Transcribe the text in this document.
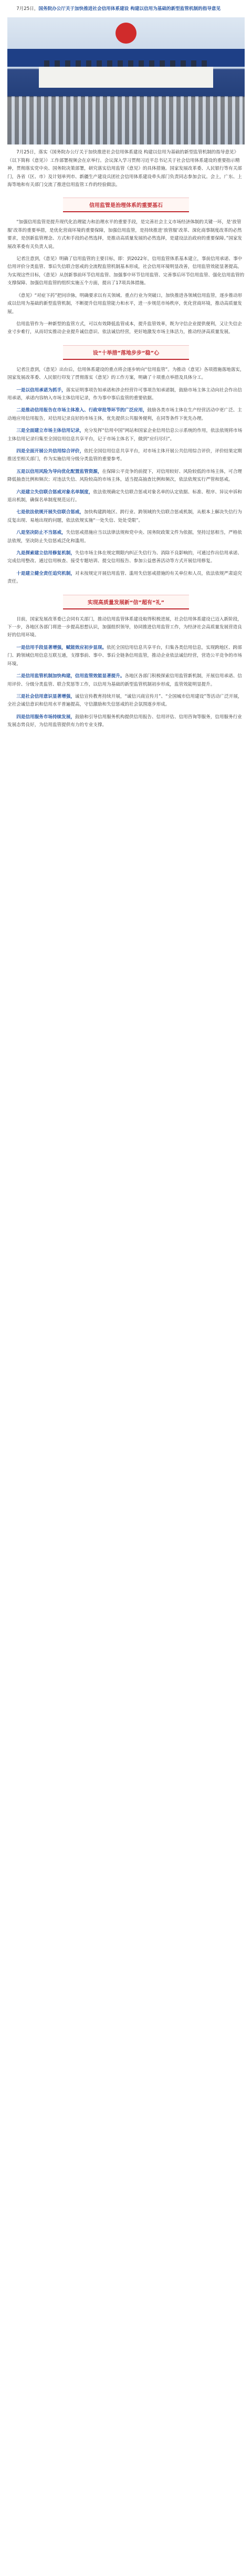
7月25日，国务院办公厅关于加快推进社会信用体系建设 构建以信用为基础的新型监管机制的指导意见

7月25日，落实《国务院办公厅关于加快推进社会信用体系建设 构建以信用为基础的新型监管机制的指导意见》（以下简称《意见》）工作部署视频会在京举行。会议深入学习贯彻习近平总书记关于社会信用体系建设的重要指示精神，贯彻落实党中央、国务院决策部署，研究落实信用监管《意见》的具体措施。国家发展改革委、人民银行等有关部门，各省（区、市）及计划单列市、新疆生产建设兵团社会信用体系建设牵头部门负责同志参加会议。会上，广东、上海等地和有关部门交流了推进信用监管工作的经验做法。

信用监管是治理体系的重要基石

“加强信用监管是提升现代化治理能力和治理水平的重要手段，是完善社会主义市场经济体制的关键一环，是‘放管服’改革的重要举措，是优化营商环境的重要保障，加强信用监管，是持续推进‘放管服’改革、深化商事制度改革的必然要求，是创新监管理念、方式和手段的必然选择，是推动高质量发展的必然选择，是建设法治政府的重要保障。”国家发展改革委有关负责人说。

记者注意到，《意见》明确了信用监管的主要目标，即：到2022年，信用监管体系基本建立，事前信用承诺、事中信用评价分类监管、事后失信联合惩戒的全流程监管机制基本形成，社会信用环境明显改善，信用监管效能显著提高。为实现这些目标，《意见》从创新事前环节信用监管、加强事中环节信用监管、完善事后环节信用监管、强化信用监管的支撑保障、加强信用监管的组织实施五个方面，提出了17项具体措施。

《意见》“对症下药”把问诊脉，明确要求以有关领域、重点行业为突破口，加快推进各领域信用监管，逐步推动形成以信用为基础的新型监管机制，不断提升信用监管能力和水平，进一步规范市场秩序，优化营商环境，推动高质量发展。

信用监管作为一种新型的监管方式，可以有效降低监管成本，提升监管效率，既为守信企业提供便利，又让失信企业寸步难行，从而切实推动企业提升诚信意识、依法诚信经营，更好地激发市场主体活力，推动经济高质量发展。

设“十举措”落地步步“稳”心

记者注意到，《意见》出台后，信用体系建设的重点将会逐步转向“信用监管”。为推动《意见》各项措施落地落实，国家发展改革委、人民银行印发了贯彻落实《意见》的工作方案，明确了十项重点举措及具体分工。

一是以信用承诺为抓手，落实证明事项告知承诺和涉企经营许可事项告知承诺制，鼓励市场主体主动向社会作出信用承诺，承诺内容纳入市场主体信用记录，作为事中事后监管的重要依据。

二是推动信用报告在市场主体准入、行政审批等环节的广泛应用，鼓励各类市场主体在生产经营活动中更广泛、主动地应用信用报告，对信用记录良好的市场主体，优先提供公共服务便利，在同等条件下优先办理。

三是全面建立市场主体信用记录，充分发挥“信用中国”网站和国家企业信用信息公示系统的作用，依法依规将市场主体信用记录归集至全国信用信息共享平台，记于市场主体名下，做到“应归尽归”。

四是全面开展公共信用综合评价，依托全国信用信息共享平台，对市场主体开展公共信用综合评价，评价结果定期推送至相关部门，作为实施信用分级分类监管的重要参考。

五是以信用风险为导向优化配置监管资源，在保障公平竞争的前提下，对信用较好、风险较低的市场主体，可合理降低抽查比例和频次；对违法失信、风险较高的市场主体，适当提高抽查比例和频次，依法依规实行严管和惩戒。

六是建立失信联合惩戒对象名单制度，依法依规确定失信联合惩戒对象名单的认定依据、标准、程序、异议申诉和退出机制，确保名单制度规范运行。

七是依法依规开展失信联合惩戒，加快构建跨地区、跨行业、跨领域的失信联合惩戒机制，从根本上解决失信行为反复出现、易地出现的问题，依法依规实施“一处失信、处处受限”。

八是坚决防止不当惩戒，失信惩戒措施应当以法律法规和党中央、国务院政策文件为依据，坚持过惩相当，严格依法依规，坚决防止失信惩戒泛化和滥用。

九是探索建立信用修复机制，失信市场主体在规定期限内纠正失信行为、消除不良影响的，可通过作出信用承诺、完成信用整改、通过信用核查、接受专题培训、提交信用报告、参加公益慈善活动等方式开展信用修复。

十是建立健全责任追究机制，对未按规定开展信用监管、滥用失信惩戒措施的有关单位和人员，依法依规严肃追究责任。

实现高质量发展新“信”超有“礼”

目前，国家发展改革委已会同有关部门，推动信用监管体系建设取得积极进展，社会信用体系建设已迈入新阶段，下一步，各地区各部门将进一步提高思想认识，加强组织领导，协同推进信用监管工作，为经济社会高质量发展营造良好的信用环境。

一是信用手段显著增强，赋能效应初步显现。依托全国信用信息共享平台，归集各类信用信息，实现跨地区、跨部门、跨领域信用信息互联互通，支撑事前、事中、事后全链条信用监管，推动企业依法诚信经营，营造公平竞争的市场环境。

二是信用监管机制加快构建，信用监管效能显著提升。各地区各部门积极探索信用监管新机制，开展信用承诺、信用评价、分级分类监管、联合奖惩等工作，以信用为基础的新型监管机制初步形成，监管效能明显提升。

三是社会信用意识显著增强，诚信宣传教育持续开展，“诚信兴商宣传月”、“全国城市信用建设”等活动广泛开展，全社会诚信意识和信用水平普遍提高，守信激励和失信惩戒的社会氛围逐步形成。

四是信用服务市场持续发展，鼓励和引导信用服务机构提供信用报告、信用评估、信用咨询等服务，信用服务行业发展态势良好，为信用监管提供有力的专业支撑。
